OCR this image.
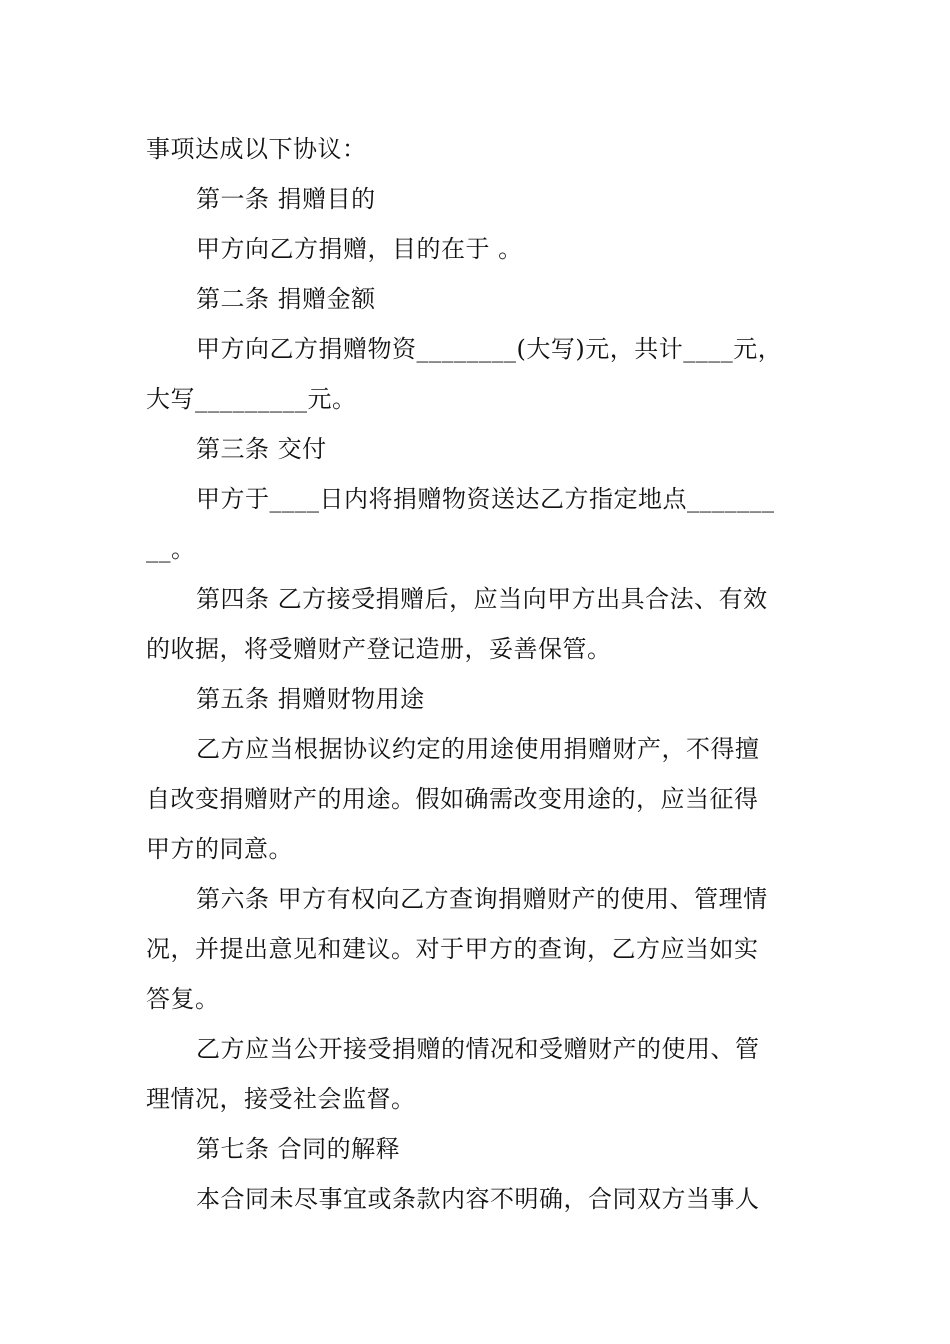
事项达成以下协议：
第一条 捐赠目的
甲方向乙方捐赠，目的在于 。
第二条 捐赠金额
甲方向乙方捐赠物资________(大写)元，共计____元，
大写_________元。
第三条 交付
甲方于____日内将捐赠物资送达乙方指定地点_______
__。
第四条 乙方接受捐赠后，应当向甲方出具合法、有效
的收据，将受赠财产登记造册，妥善保管。
第五条 捐赠财物用途
乙方应当根据协议约定的用途使用捐赠财产，不得擅
自改变捐赠财产的用途。假如确需改变用途的，应当征得
甲方的同意。
第六条 甲方有权向乙方查询捐赠财产的使用、管理情
况，并提出意见和建议。对于甲方的查询，乙方应当如实
答复。
乙方应当公开接受捐赠的情况和受赠财产的使用、管
理情况，接受社会监督。
第七条 合同的解释
本合同未尽事宜或条款内容不明确，合同双方当事人
